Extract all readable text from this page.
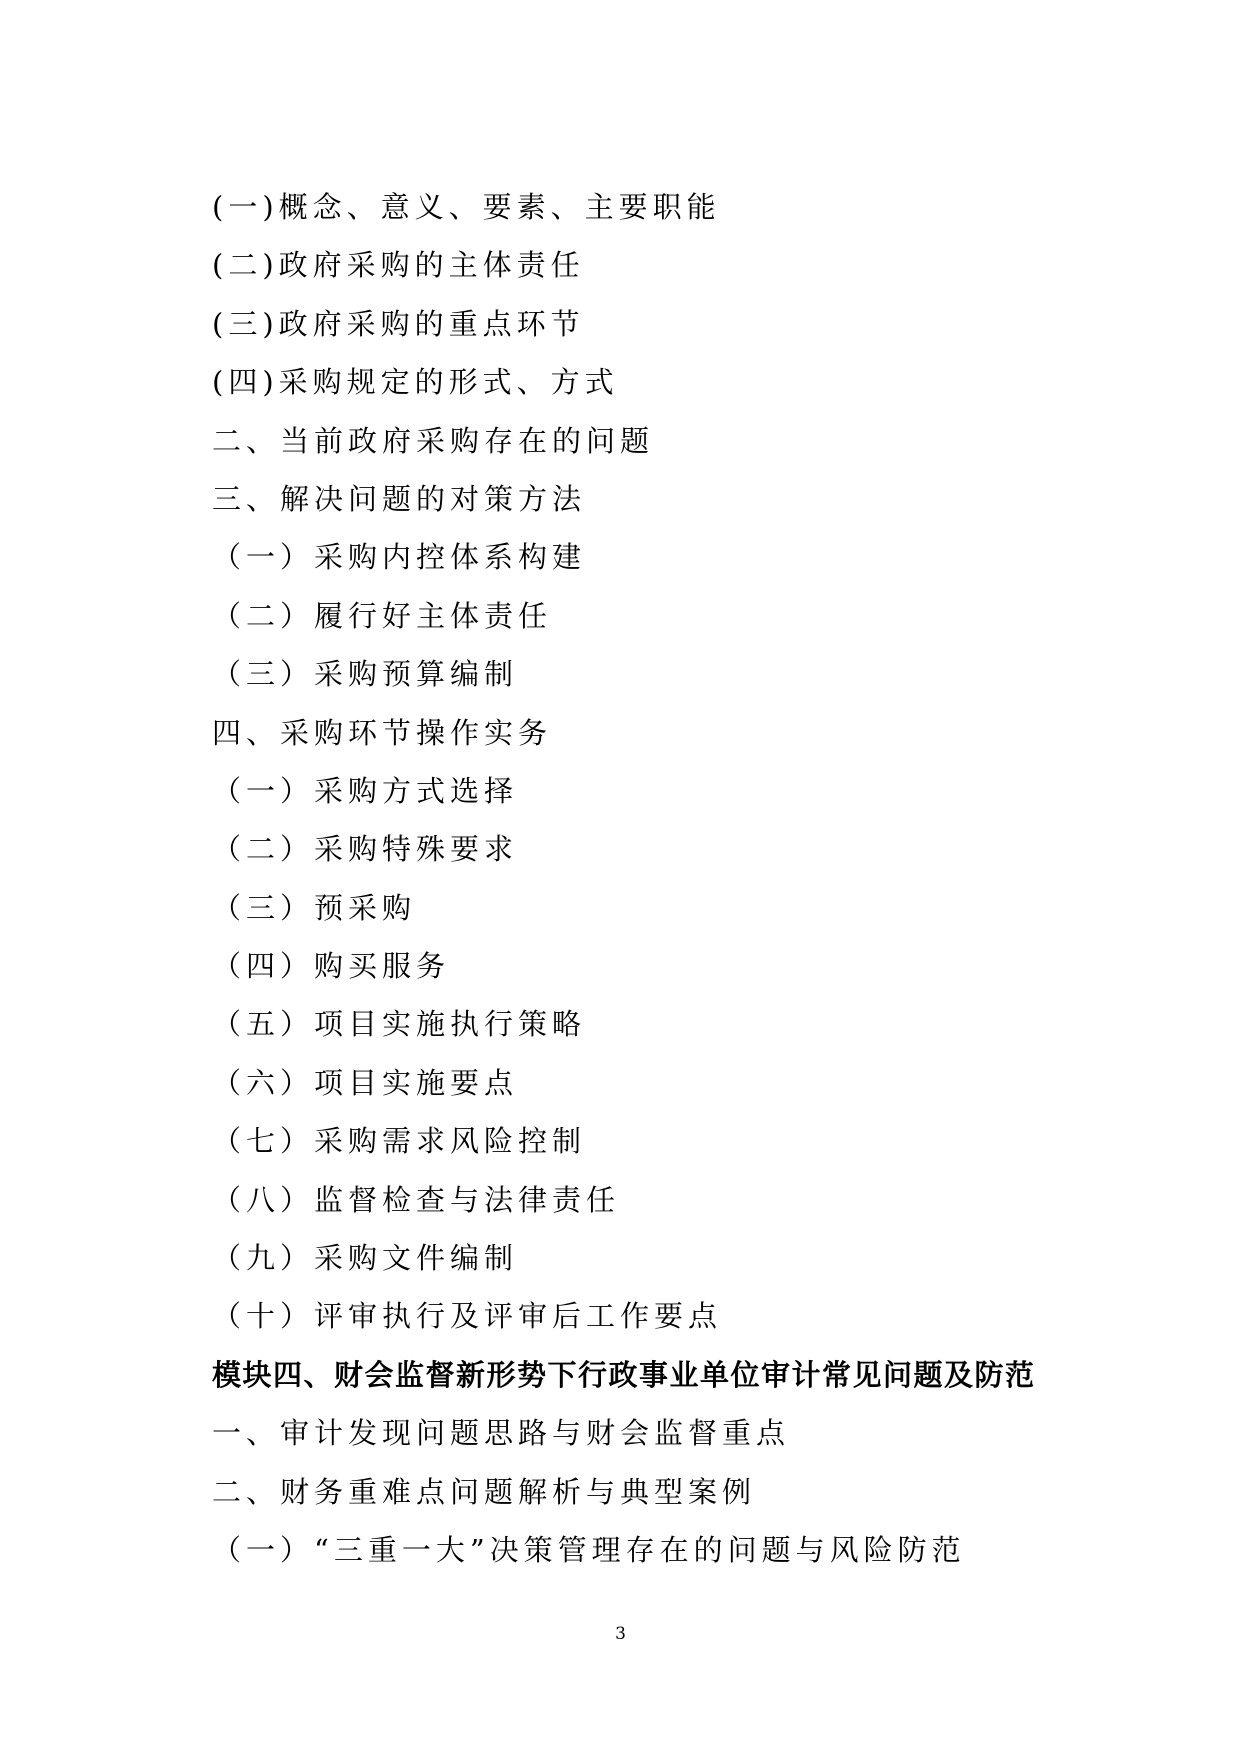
(一)概念、意义、要素、主要职能
(二)政府采购的主体责任
(三)政府采购的重点环节
(四)采购规定的形式、方式
二、当前政府采购存在的问题
三、解决问题的对策方法
（一）采购内控体系构建
（二）履行好主体责任
（三）采购预算编制
四、采购环节操作实务
（一）采购方式选择
（二）采购特殊要求
（三）预采购
（四）购买服务
（五）项目实施执行策略
（六）项目实施要点
（七）采购需求风险控制
（八）监督检查与法律责任
（九）采购文件编制
（十）评审执行及评审后工作要点
模块四、财会监督新形势下行政事业单位审计常见问题及防范
一、审计发现问题思路与财会监督重点
二、财务重难点问题解析与典型案例
（一）“三重一大”决策管理存在的问题与风险防范
3
